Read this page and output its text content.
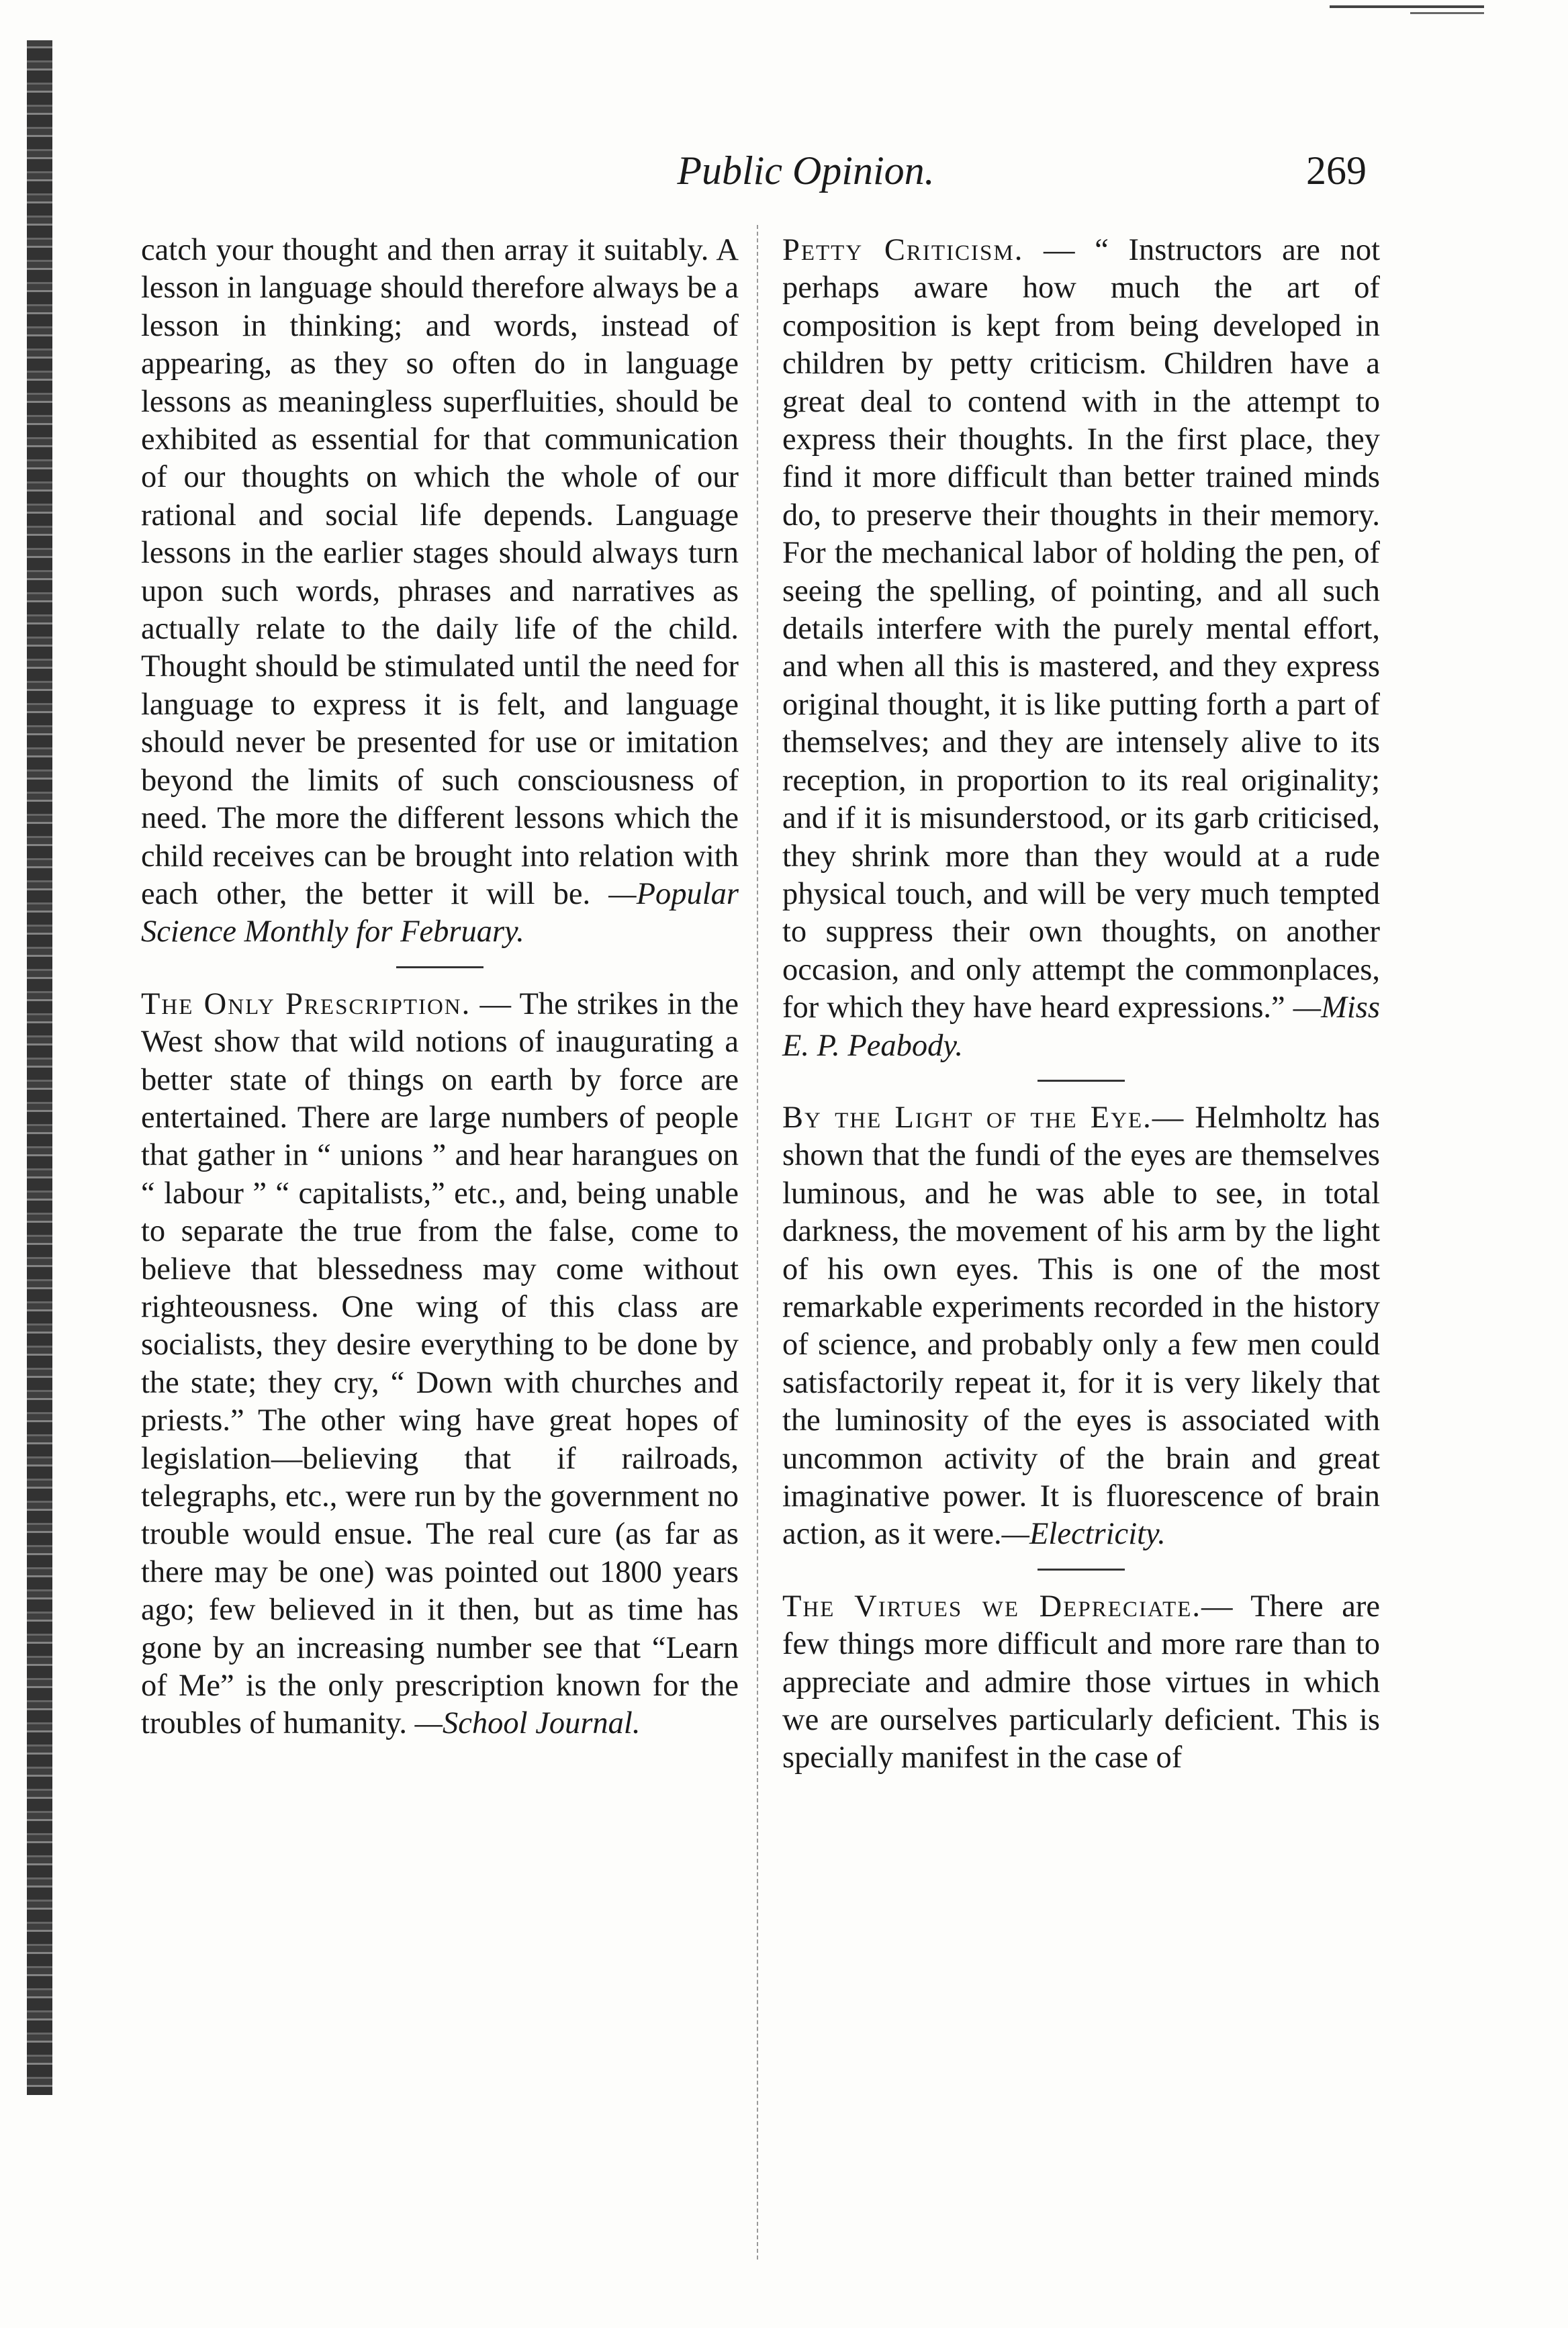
Public Opinion.	269

catch your thought and then array it suitably. A lesson in language should therefore always be a lesson in thinking; and words, instead of appearing, as they so often do in language lessons as meaningless superfluities, should be exhibited as essential for that communication of our thoughts on which the whole of our rational and social life depends. Language lessons in the earlier stages should always turn upon such words, phrases and narratives as actually relate to the daily life of the child. Thought should be stimulated until the need for language to express it is felt, and language should never be presented for use or imitation beyond the limits of such consciousness of need. The more the different lessons which the child receives can be brought into relation with each other, the better it will be. —Popular Science Monthly for February.

The Only Prescription. — The strikes in the West show that wild notions of inaugurating a better state of things on earth by force are entertained. There are large numbers of people that gather in “ unions ” and hear harangues on “ labour ” “ capitalists,” etc., and, being unable to separate the true from the false, come to believe that blessedness may come without righteousness. One wing of this class are socialists, they desire everything to be done by the state; they cry, “ Down with churches and priests.” The other wing have great hopes of legislation—believing that if railroads, telegraphs, etc., were run by the government no trouble would ensue. The real cure (as far as there may be one) was pointed out 1800 years ago; few believed in it then, but as time has gone by an increasing number see that “Learn of Me” is the only prescription known for the troubles of humanity. —School Journal.

Petty Criticism. — “ Instructors are not perhaps aware how much the art of composition is kept from being developed in children by petty criticism. Children have a great deal to contend with in the attempt to express their thoughts. In the first place, they find it more difficult than better trained minds do, to preserve their thoughts in their memory. For the mechanical labor of holding the pen, of seeing the spelling, of pointing, and all such details interfere with the purely mental effort, and when all this is mastered, and they express original thought, it is like putting forth a part of themselves; and they are intensely alive to its reception, in proportion to its real originality; and if it is misunderstood, or its garb criticised, they shrink more than they would at a rude physical touch, and will be very much tempted to suppress their own thoughts, on another occasion, and only attempt the commonplaces, for which they have heard expressions.” —Miss E. P. Peabody.

By the Light of the Eye.— Helmholtz has shown that the fundi of the eyes are themselves luminous, and he was able to see, in total darkness, the movement of his arm by the light of his own eyes. This is one of the most remarkable experiments recorded in the history of science, and probably only a few men could satisfactorily repeat it, for it is very likely that the luminosity of the eyes is associated with uncommon activity of the brain and great imaginative power. It is fluorescence of brain action, as it were.—Electricity.

The Virtues we Depreciate.— There are few things more difficult and more rare than to appreciate and admire those virtues in which we are ourselves particularly deficient. This is specially manifest in the case of
